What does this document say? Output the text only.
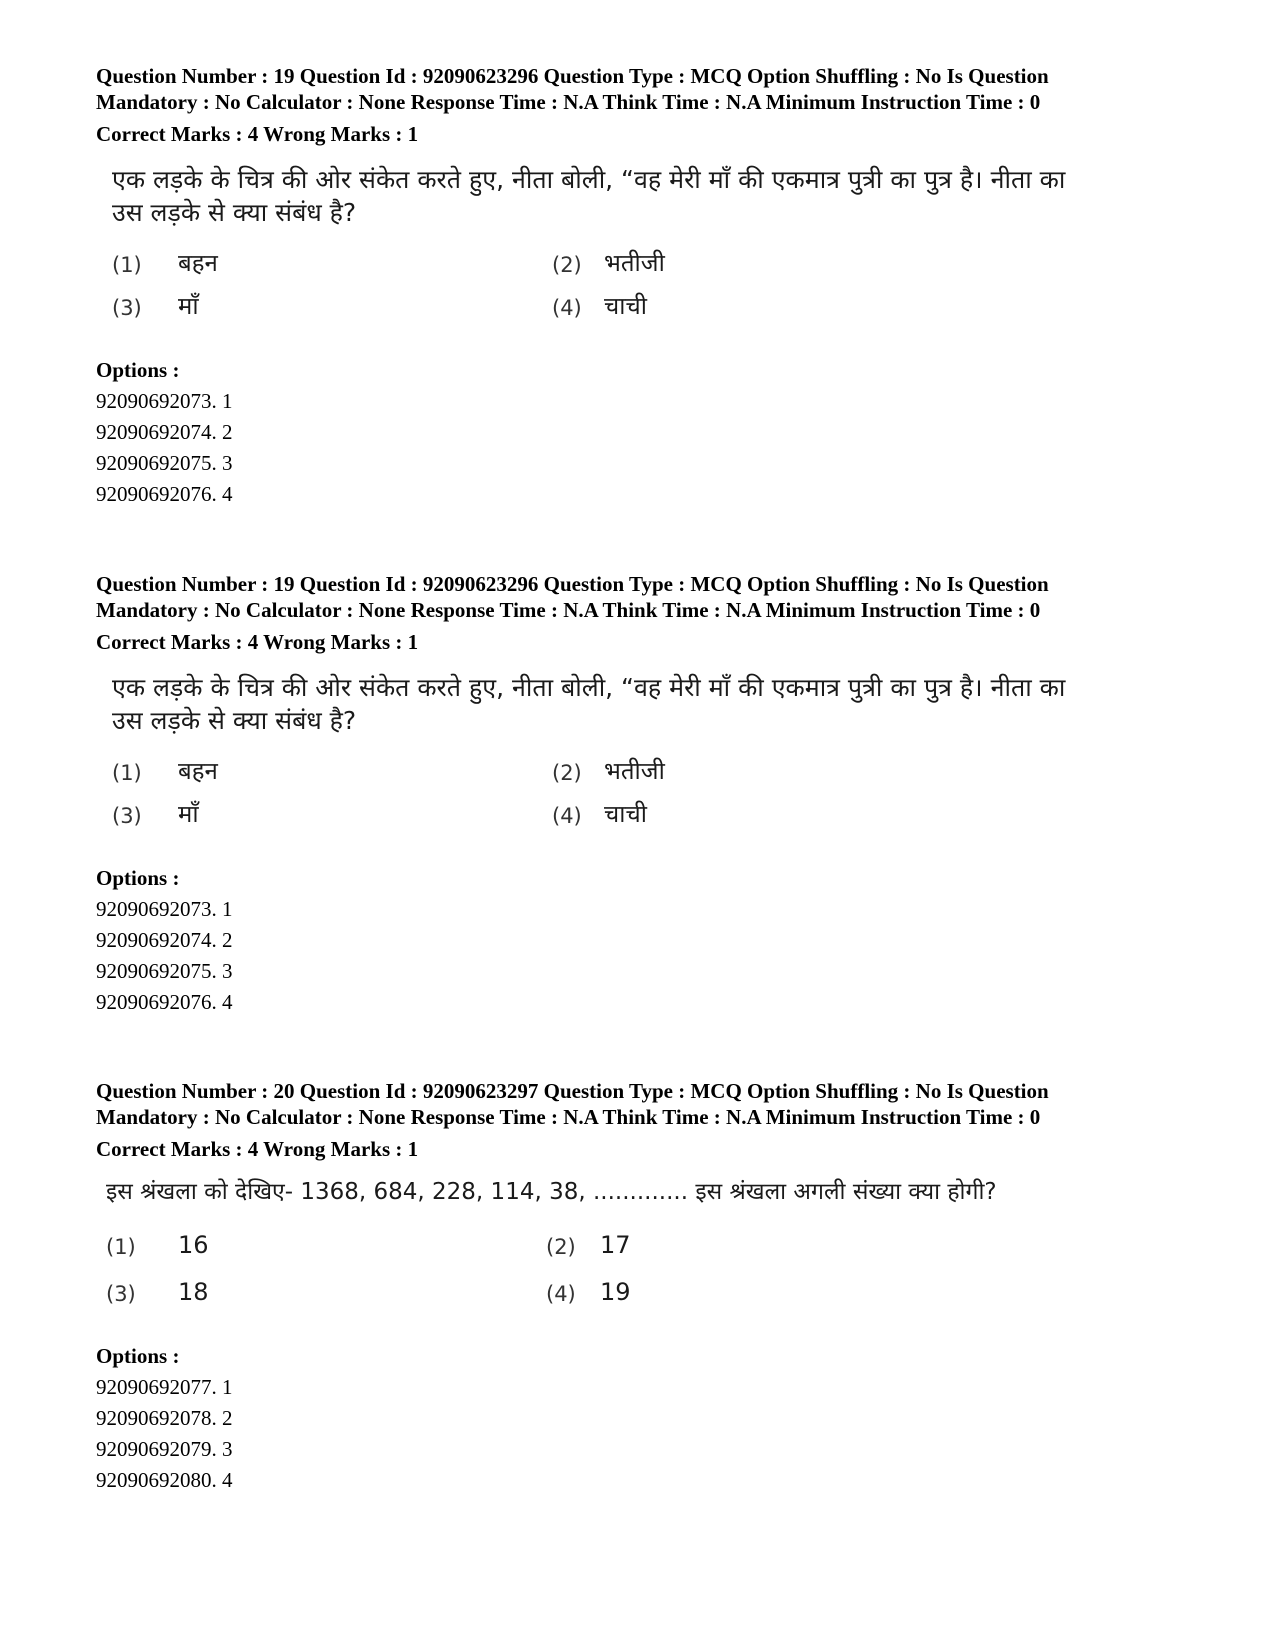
Question Number : 19 Question Id : 92090623296 Question Type : MCQ Option Shuffling : No Is Question

Mandatory : No Calculator : None Response Time : N.A Think Time : N.A Minimum Instruction Time : 0

Correct Marks : 4 Wrong Marks : 1

एक लड़के के चित्र की ओर संकेत करते हुए, नीता बोली, “वह मेरी माँ की एकमात्र पुत्री का पुत्र है। नीता का

उस लड़के से क्या संबंध है?

(1) बहन	(2) भतीजी
(3) माँ	(4) चाची

Options :

92090692073. 1

92090692074. 2

92090692075. 3

92090692076. 4

Question Number : 19 Question Id : 92090623296 Question Type : MCQ Option Shuffling : No Is Question

Mandatory : No Calculator : None Response Time : N.A Think Time : N.A Minimum Instruction Time : 0

Correct Marks : 4 Wrong Marks : 1

एक लड़के के चित्र की ओर संकेत करते हुए, नीता बोली, “वह मेरी माँ की एकमात्र पुत्री का पुत्र है। नीता का

उस लड़के से क्या संबंध है?

(1) बहन	(2) भतीजी
(3) माँ	(4) चाची

Options :

92090692073. 1

92090692074. 2

92090692075. 3

92090692076. 4

Question Number : 20 Question Id : 92090623297 Question Type : MCQ Option Shuffling : No Is Question

Mandatory : No Calculator : None Response Time : N.A Think Time : N.A Minimum Instruction Time : 0

Correct Marks : 4 Wrong Marks : 1

इस श्रंखला को देखिए- 1368, 684, 228, 114, 38, ............. इस श्रंखला अगली संख्या क्या होगी?

(1) 16	(2) 17
(3) 18	(4) 19

Options :

92090692077. 1

92090692078. 2

92090692079. 3

92090692080. 4
